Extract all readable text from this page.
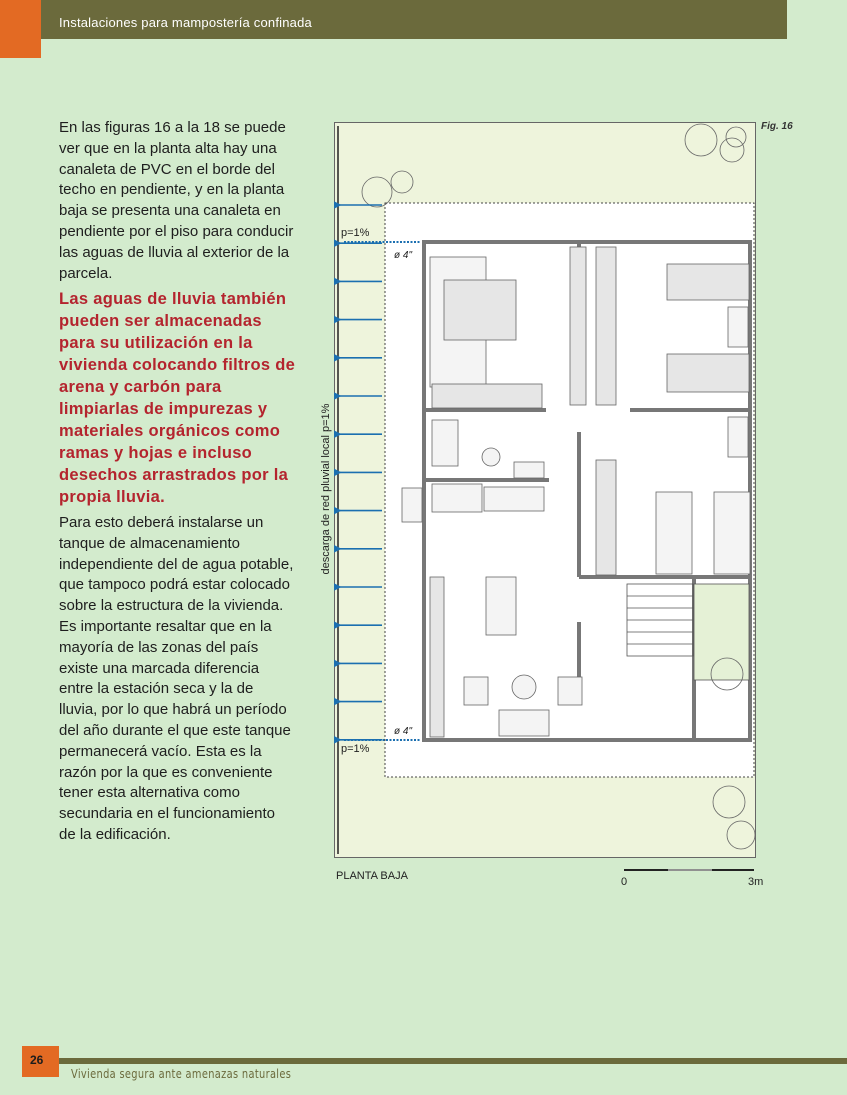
Instalaciones para mampostería confinada

En las figuras 16 a la 18 se puede ver que en la planta alta hay una canaleta de PVC en el borde del techo en pendiente, y en la planta baja se presenta una canaleta en pendiente por el piso para conducir las aguas de lluvia al exterior de la parcela.

Las aguas de lluvia también pueden ser almacenadas para su utilización en la vivienda colocando filtros de arena y carbón para limpiarlas de impurezas y materiales orgánicos como ramas y hojas e incluso desechos arrastrados por la propia lluvia.

Para esto deberá instalarse un tanque de almacenamiento independiente del de agua potable, que tampoco podrá estar colocado sobre la estructura de la vivienda. Es importante resaltar que en la mayoría de las zonas del país existe una marcada diferencia entre la estación seca y la de lluvia, por lo que habrá un período del año durante el que este tanque permanecerá vacío. Esta es la razón por la que es conveniente tener esta alternativa como secundaria en el funcionamiento de la edificación.

Fig. 16
p=1%
ø 4"
ø 4"
p=1%
descarga de red pluvial local p=1%
PLANTA BAJA	0	3m
26
Vivienda segura ante amenazas naturales
